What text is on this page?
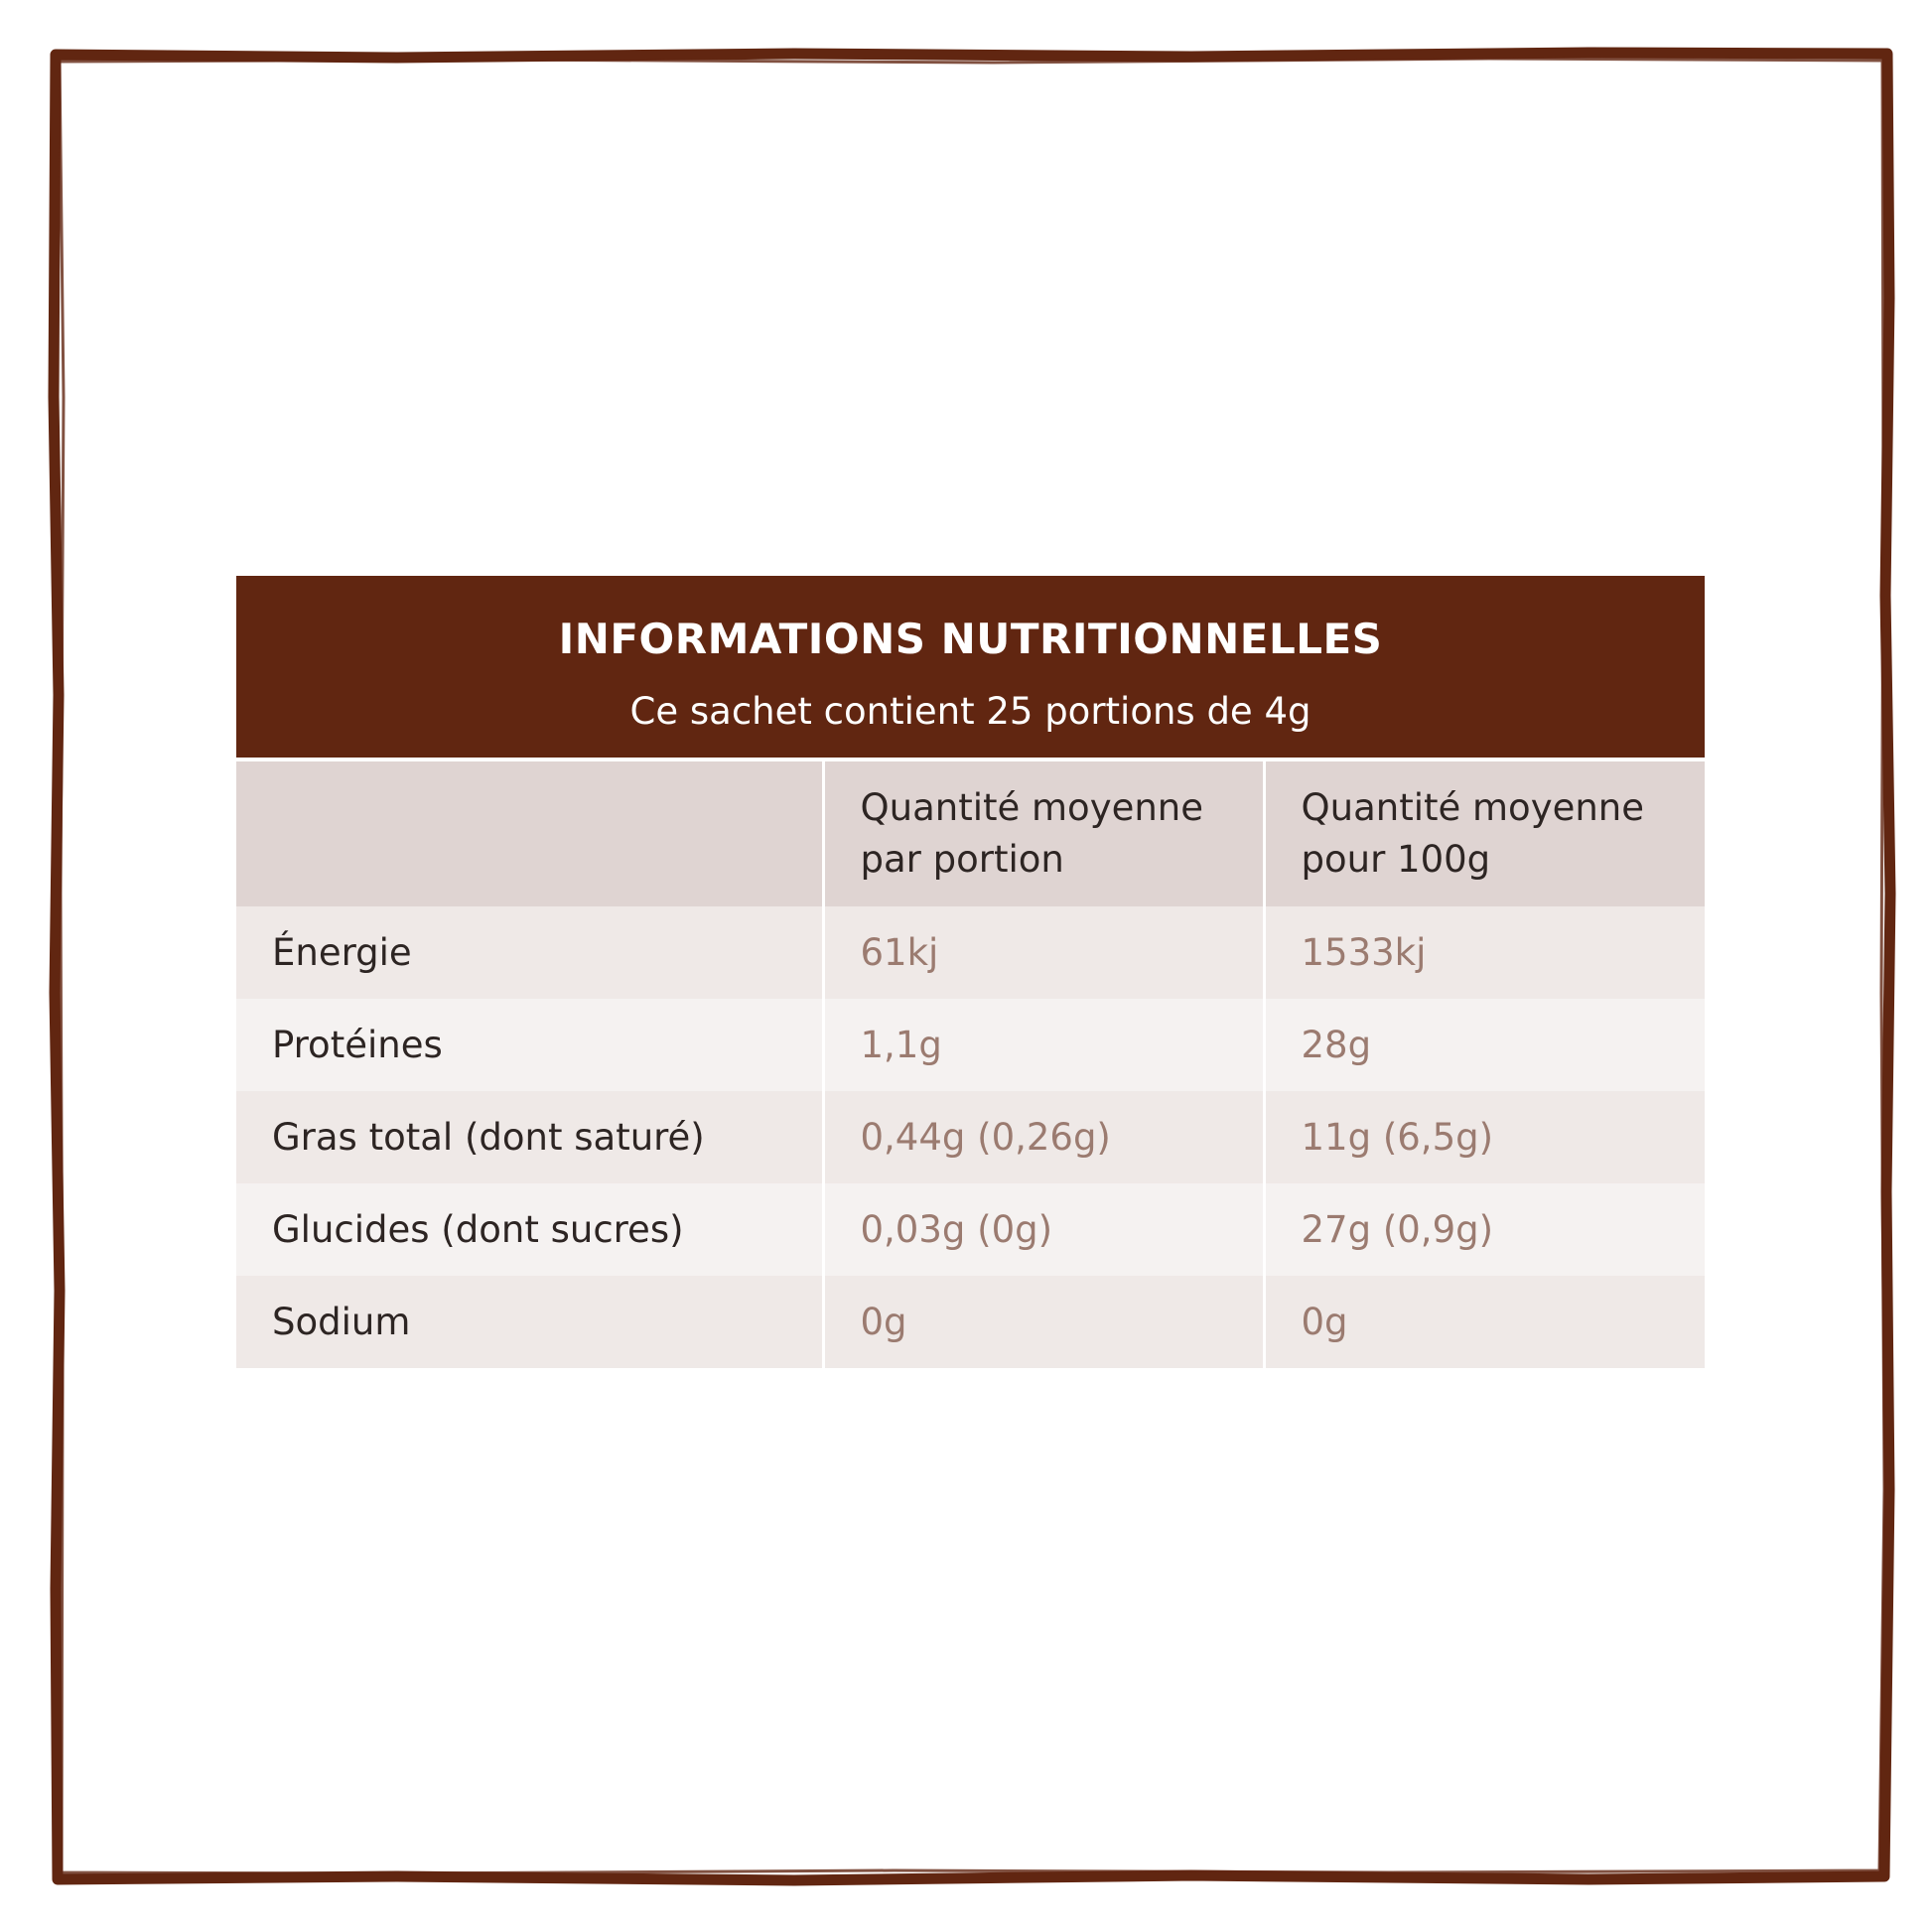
INFORMATIONS NUTRITIONNELLES
Ce sachet contient 25 portions de 4g
	Quantité moyenne par portion	Quantité moyenne pour 100g
Énergie	61kj	1533kj
Protéines	1,1g	28g
Gras total (dont saturé)	0,44g (0,26g)	11g (6,5g)
Glucides (dont sucres)	0,03g (0g)	27g (0,9g)
Sodium	0g	0g
